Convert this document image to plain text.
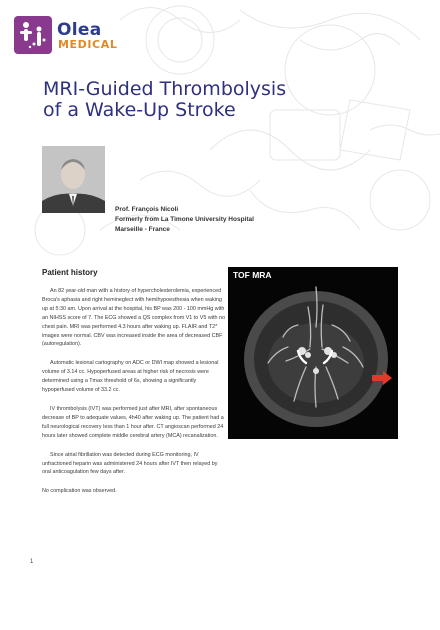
Olea
MEDICAL
MRI-Guided Thrombolysis of a Wake-Up Stroke
Prof. François Nicoli
Formerly from La Timone University Hospital
Marseille - France
Patient history

An 82 year-old man with a history of hypercholesterolemia, experienced Broca's aphasia and right hemineglect with hemihypoesthesia when waking up at 5:30 am. Upon arrival at the hospital, his BP was 200 - 100 mmHg with an NIHSS score of 7. The ECG showed a QS complex from V1 to V5 with no chest pain. MRI was performed 4.3 hours after waking up. FLAIR and T2* images were normal. CBV was increased inside the area of decreased CBF (autoregulation).

Automatic lesional cartography on ADC or DWI map showed a lesional volume of 3.14 cc. Hypoperfused areas at higher risk of necrosis were determined using a Tmax threshold of 6s, showing a significantly hypoperfused volume of 33.2 cc.

IV thrombolysis (IVT) was performed just after MRI, after spontaneous decrease of BP to adequate values, 4h40 after waking up. The patient had a full neurological recovery less than 1 hour after. CT angioscan performed 24 hours later showed complete middle cerebral artery (MCA) recanalization.

Since atrial fibrillation was detected during ECG monitoring, IV unfractioned heparin was administered 24 hours after IVT then relayed by oral anticoagulation few days after.

No complication was observed.

1
TOF MRA
